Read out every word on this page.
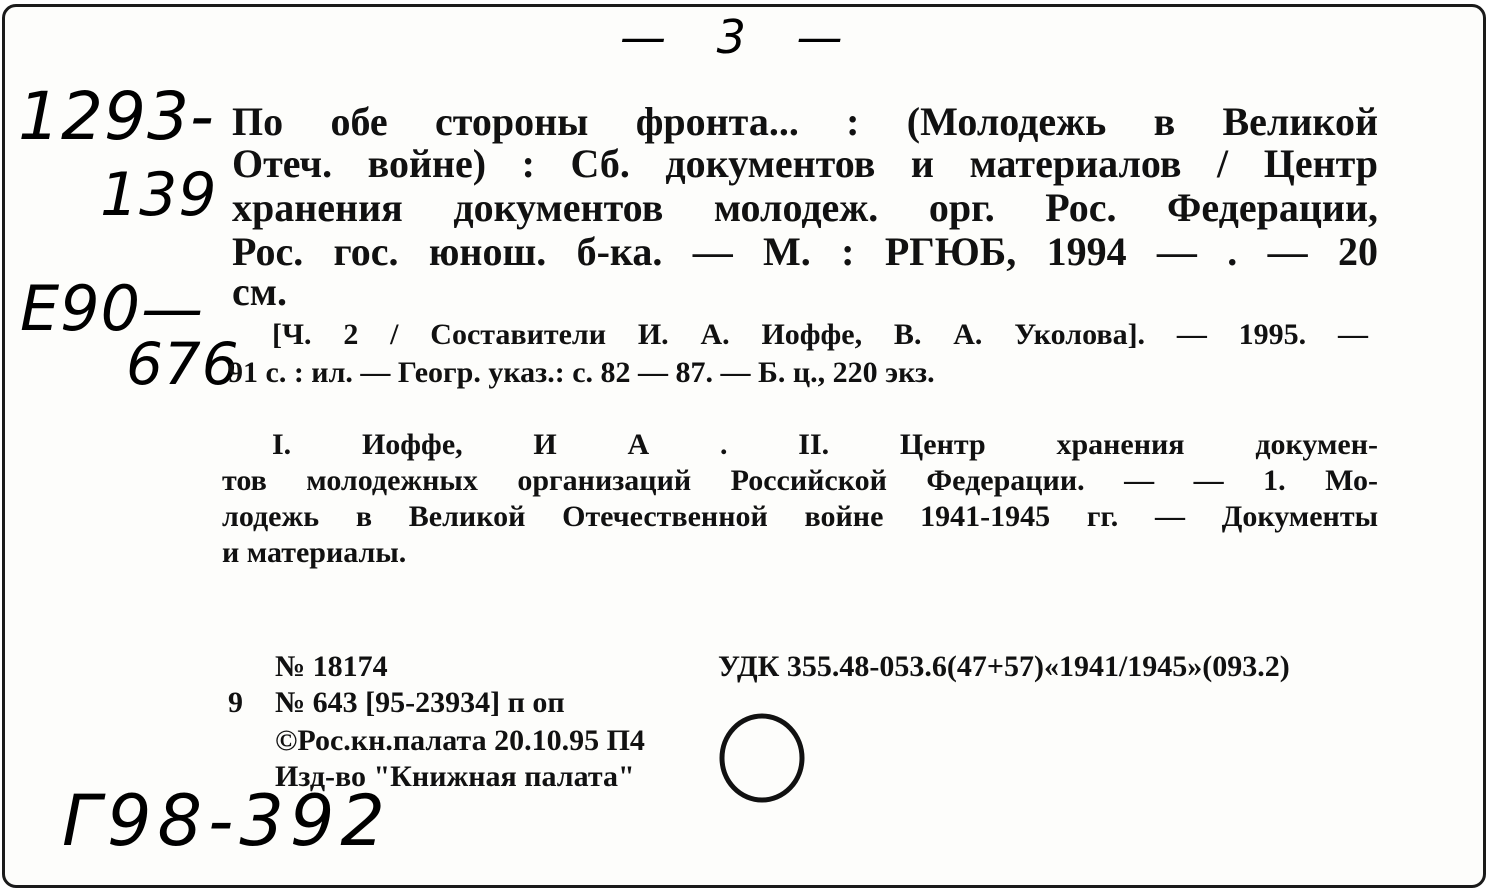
— 3 —
1293-
139
E90—
676
Г98-392
По обе стороны фронта... : (Молодежь в Великой
Отеч. войне) : Сб. документов и материалов / Центр
хранения документов молодеж. орг. Рос. Федерации,
Рос. гос. юнош. б-ка. — М. : РГЮБ, 1994 — . — 20
см.
[Ч. 2 / Составители И. А. Иоффе, В. А. Уколова]. — 1995. —
91 с. : ил. — Геогр. указ.: с. 82 — 87. — Б. ц., 220 экз.
I. Иоффе, И А . II. Центр хранения докумен-
тов молодежных организаций Российской Федерации. — — 1. Мо-
лодежь в Великой Отечественной войне 1941-1945 гг. — Документы
и материалы.
№ 18174	УДК 355.48-053.6(47+57)«1941/1945»(093.2)
9 № 643 [95-23934] п оп
©Рос.кн.палата 20.10.95 П4
Изд-во "Книжная палата"
